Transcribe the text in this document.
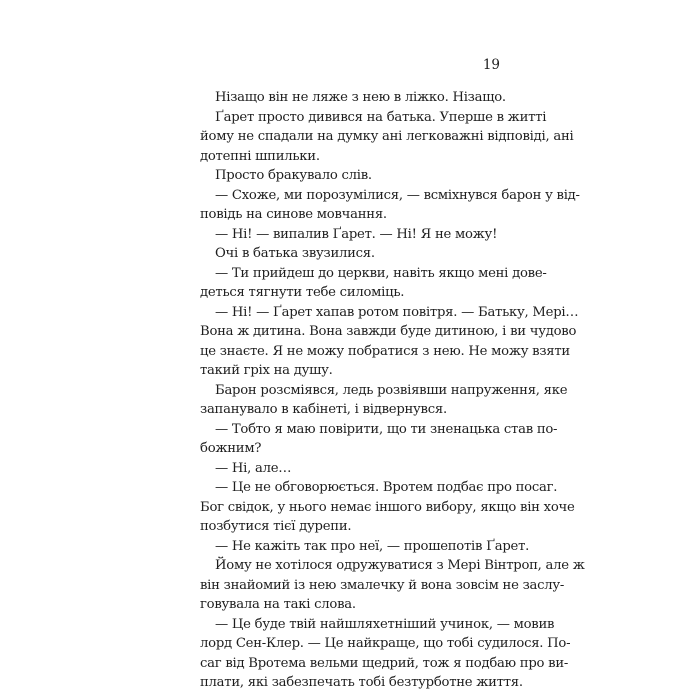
19
Нізащо він не ляже з нею в ліжко. Нізащо.
Ґарет просто дивився на батька. Уперше в житті
йому не спадали на думку ані легковажні відповіді, ані
дотепні шпильки.
Просто бракувало слів.
— Схоже, ми порозумілися, — всміхнувся барон у від-
повідь на синове мовчання.
— Ні! — випалив Ґарет. — Ні! Я не можу!
Очі в батька звузилися.
— Ти прийдеш до церкви, навіть якщо мені дове-
деться тягнути тебе силоміць.
— Ні! — Ґарет хапав ротом повітря. — Батьку, Мері…
Вона ж дитина. Вона завжди буде дитиною, і ви чудово
це знаєте. Я не можу побратися з нею. Не можу взяти
такий гріх на душу.
Барон розсміявся, ледь розвіявши напруження, яке
запанувало в кабінеті, і відвернувся.
— Тобто я маю повірити, що ти зненацька став по-
божним?
— Ні, але…
— Це не обговорюється. Вротем подбає про посаг.
Бог свідок, у нього немає іншого вибору, якщо він хоче
позбутися тієї дурепи.
— Не кажіть так про неї, — прошепотів Ґарет.
Йому не хотілося одружуватися з Мері Вінтроп, але ж
він знайомий із нею змалечку й вона зовсім не заслу-
говувала на такі слова.
— Це буде твій найшляхетніший учинок, — мовив
лорд Сен-Клер. — Це найкраще, що тобі судилося. По-
саг від Вротема вельми щедрий, тож я подбаю про ви-
плати, які забезпечать тобі безтурботне життя.
